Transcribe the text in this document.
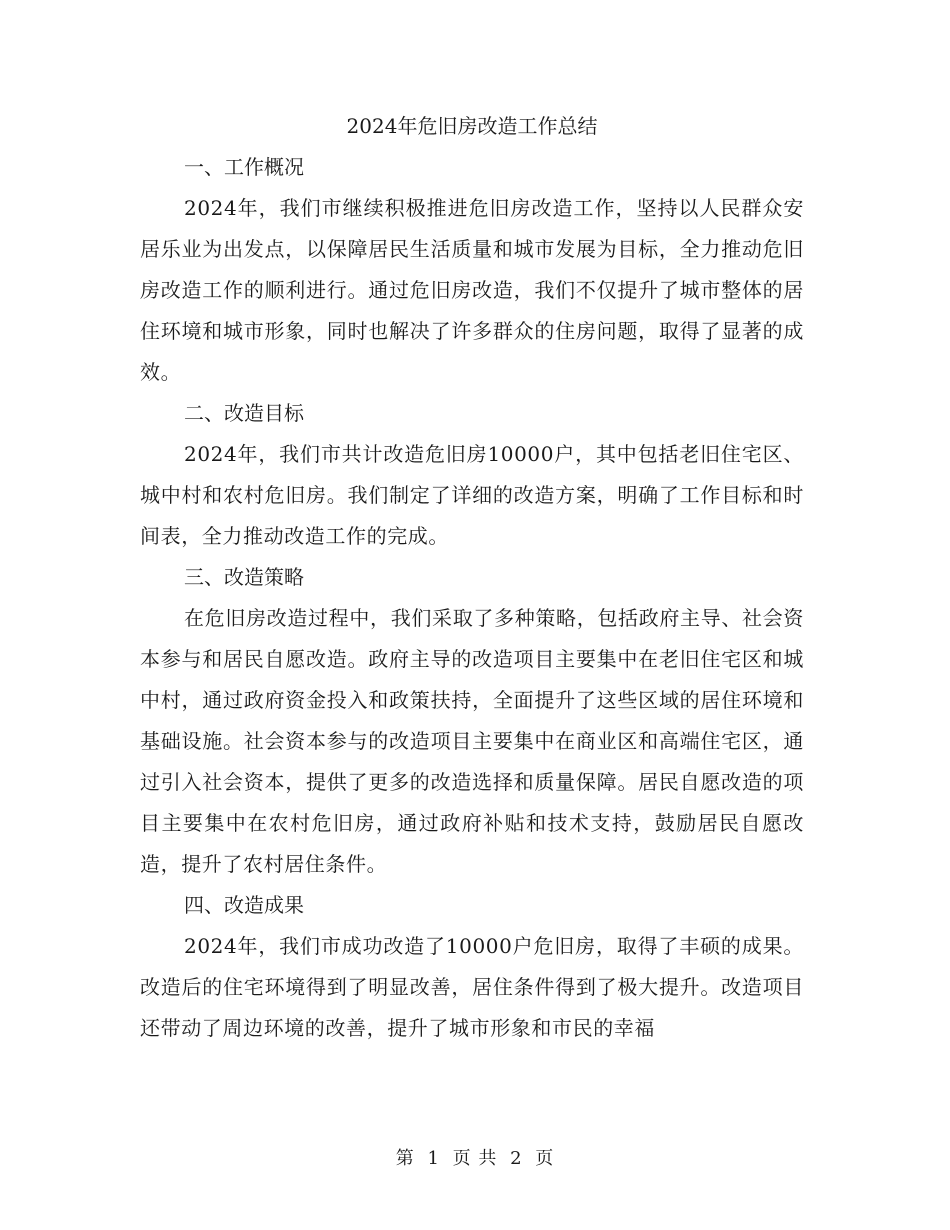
2024年危旧房改造工作总结

一、工作概况

2024年，我们市继续积极推进危旧房改造工作，坚持以人民群众安居乐业为出发点，以保障居民生活质量和城市发展为目标，全力推动危旧房改造工作的顺利进行。通过危旧房改造，我们不仅提升了城市整体的居住环境和城市形象，同时也解决了许多群众的住房问题，取得了显著的成效。

二、改造目标

2024年，我们市共计改造危旧房10000户，其中包括老旧住宅区、城中村和农村危旧房。我们制定了详细的改造方案，明确了工作目标和时间表，全力推动改造工作的完成。

三、改造策略

在危旧房改造过程中，我们采取了多种策略，包括政府主导、社会资本参与和居民自愿改造。政府主导的改造项目主要集中在老旧住宅区和城中村，通过政府资金投入和政策扶持，全面提升了这些区域的居住环境和基础设施。社会资本参与的改造项目主要集中在商业区和高端住宅区，通过引入社会资本，提供了更多的改造选择和质量保障。居民自愿改造的项目主要集中在农村危旧房，通过政府补贴和技术支持，鼓励居民自愿改造，提升了农村居住条件。

四、改造成果

2024年，我们市成功改造了10000户危旧房，取得了丰硕的成果。改造后的住宅环境得到了明显改善，居住条件得到了极大提升。改造项目还带动了周边环境的改善，提升了城市形象和市民的幸福

第 1 页 共 2 页
